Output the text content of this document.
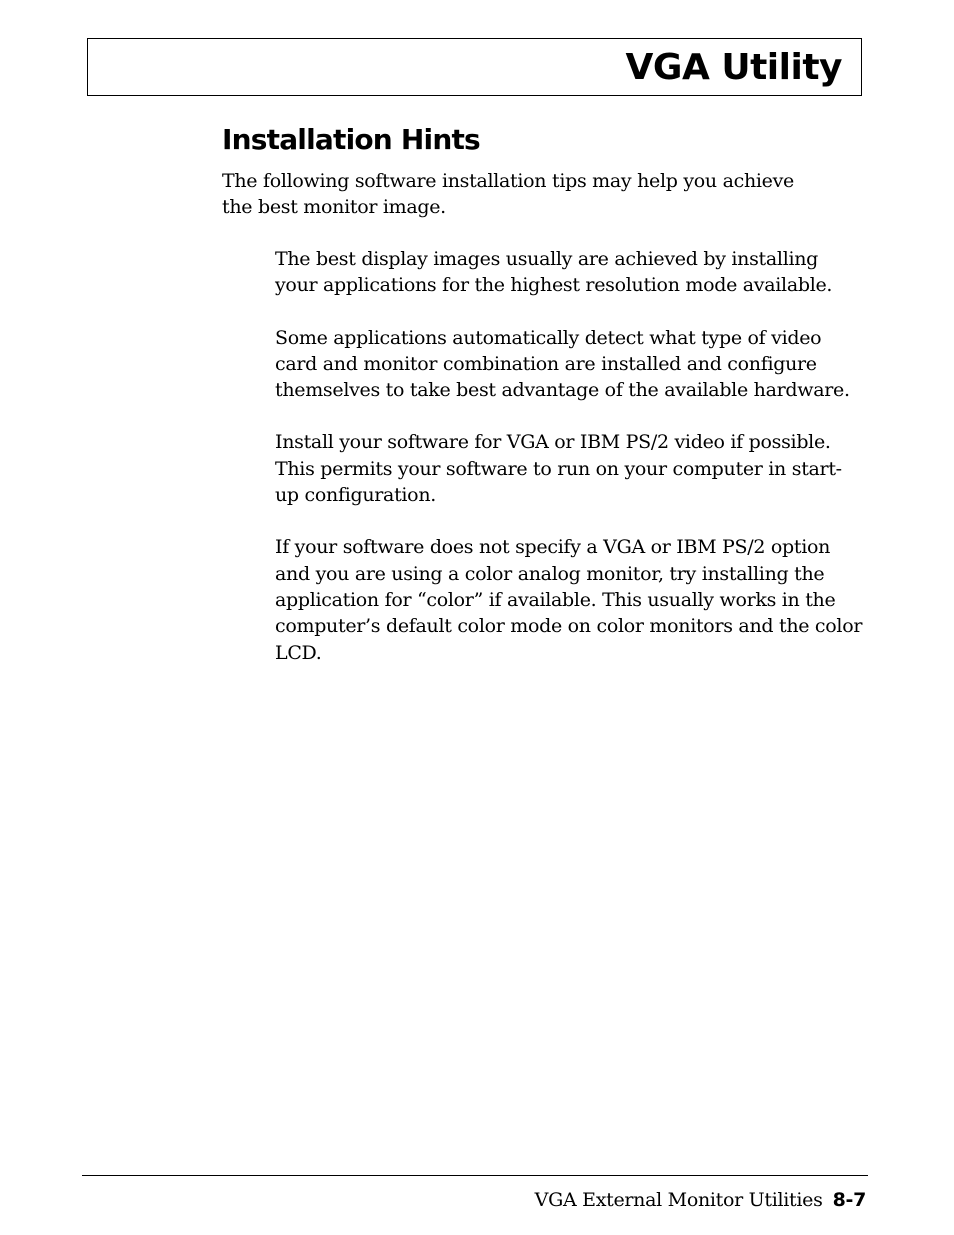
VGA Utility
Installation Hints

The following software installation tips may help you achieve the best monitor image.

The best display images usually are achieved by installing your applications for the highest resolution mode available.
Some applications automatically detect what type of video card and monitor combination are installed and configure themselves to take best advantage of the available hardware.
Install your software for VGA or IBM PS/2 video if possible. This permits your software to run on your computer in start-up configuration.
If your software does not specify a VGA or IBM PS/2 option and you are using a color analog monitor, try installing the application for “color” if available. This usually works in the computer’s default color mode on color monitors and the color LCD.
VGA External Monitor Utilities 8-7
